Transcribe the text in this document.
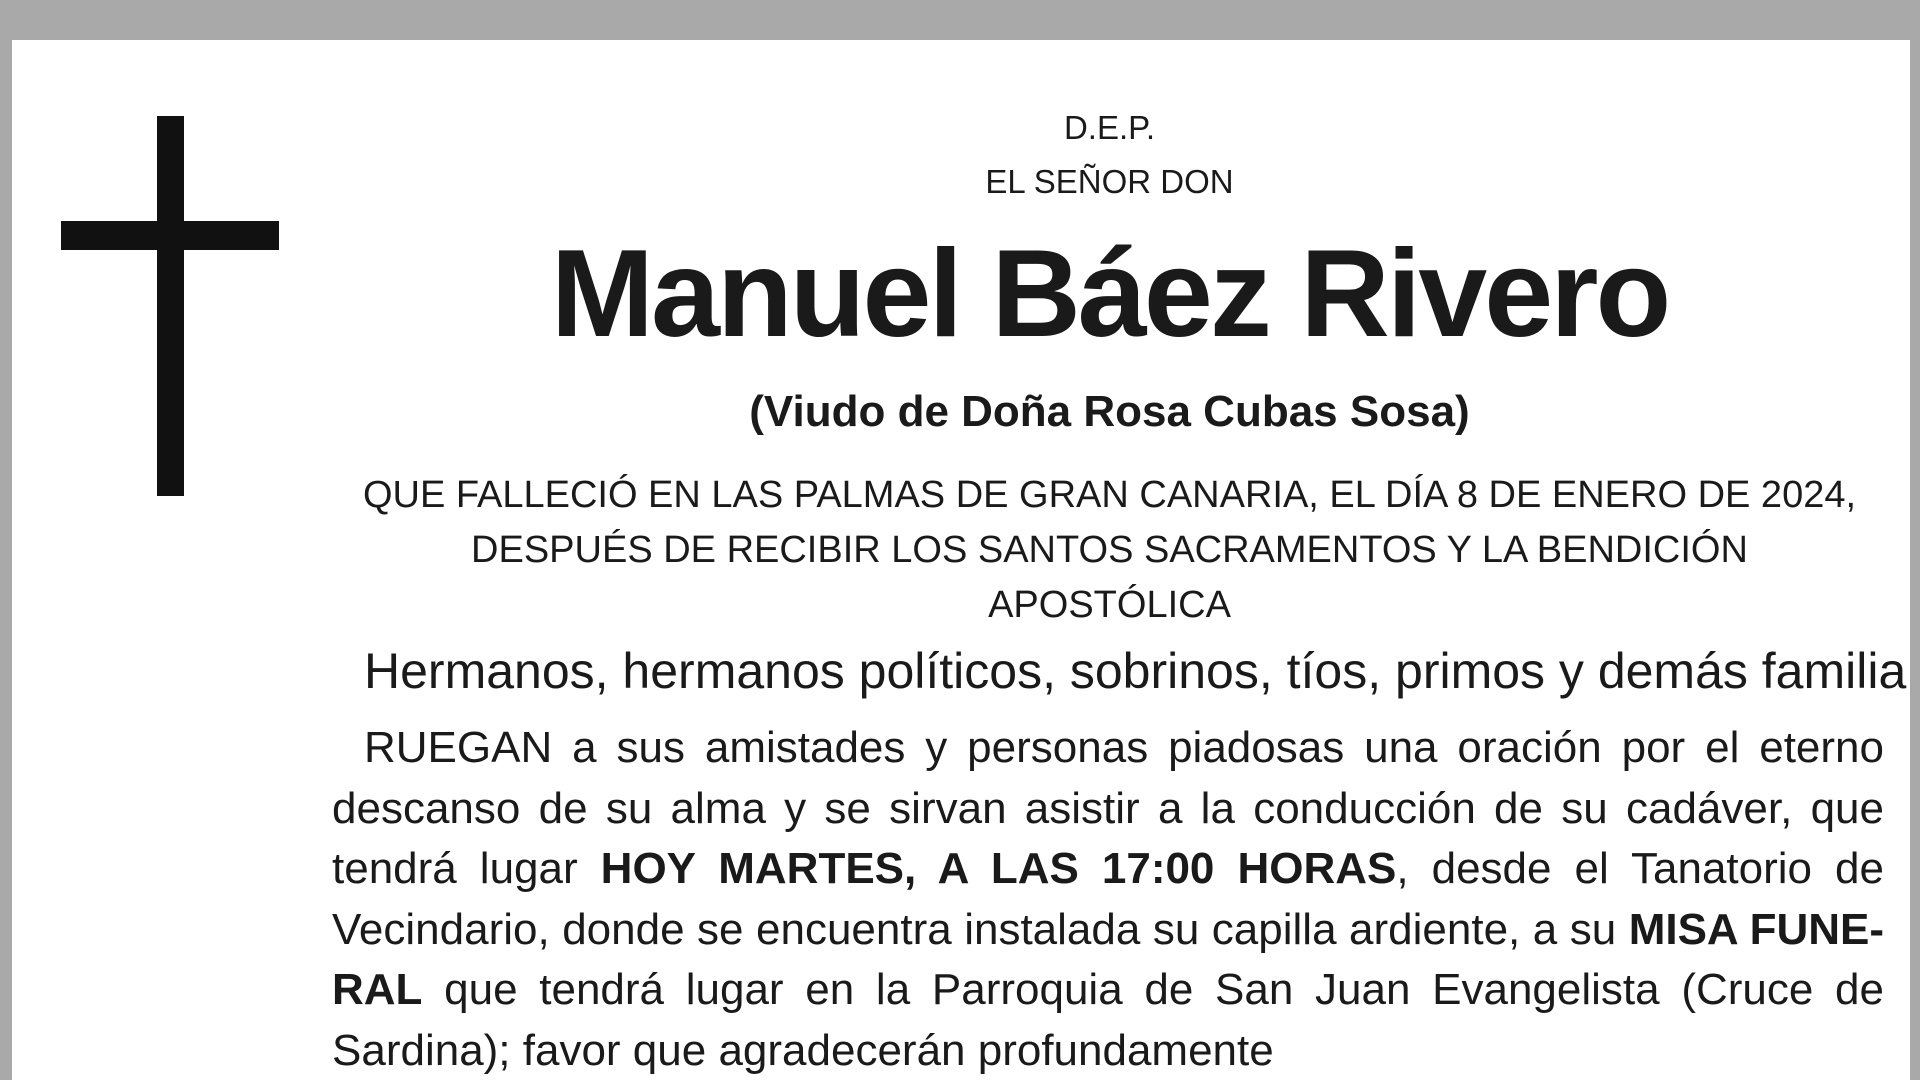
D.E.P.

EL SEÑOR DON

Manuel Báez Rivero

(Viudo de Doña Rosa Cubas Sosa)

QUE FALLECIÓ EN LAS PALMAS DE GRAN CANARIA, EL DÍA 8 DE ENERO DE 2024,
DESPUÉS DE RECIBIR LOS SANTOS SACRAMENTOS Y LA BENDICIÓN
APOSTÓLICA

Hermanos, hermanos políticos, sobrinos, tíos, primos y demás familia

RUEGAN a sus amistades y personas piadosas una oración por el eterno descanso de su alma y se sirvan asistir a la conducción de su cadáver, que tendrá lugar HOY MARTES, A LAS 17:00 HORAS, desde el Tanatorio de Vecindario, donde se encuentra instalada su capilla ardiente, a su MISA FUNE-RAL que tendrá lugar en la Parroquia de San Juan Evangelista (Cruce de Sardina); favor que agradecerán profundamente
